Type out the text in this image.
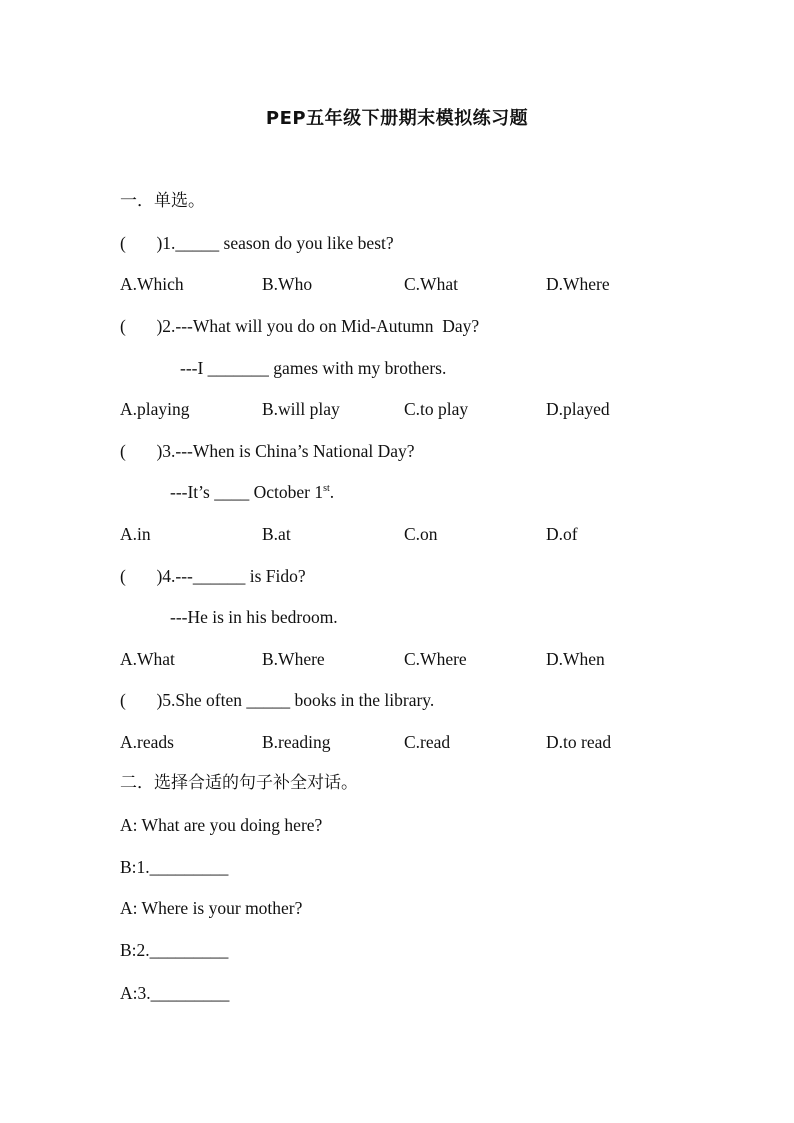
PEP五年级下册期末模拟练习题
一．单选。
(       )1._____ season do you like best?
A.Which	B.Who	C.What	D.Where
(       )2.---What will you do on Mid-Autumn  Day?
---I _______ games with my brothers.
A.playing	B.will play	C.to play	D.played
(       )3.---When is China’s National Day?
---It’s ____ October 1st.
A.in	B.at	C.on	D.of
(       )4.---______ is Fido?
---He is in his bedroom.
A.What	B.Where	C.Where	D.When
(       )5.She often _____ books in the library.
A.reads	B.reading	C.read	D.to read
二．选择合适的句子补全对话。
A: What are you doing here?
B:1._________
A: Where is your mother?
B:2._________
A:3._________
